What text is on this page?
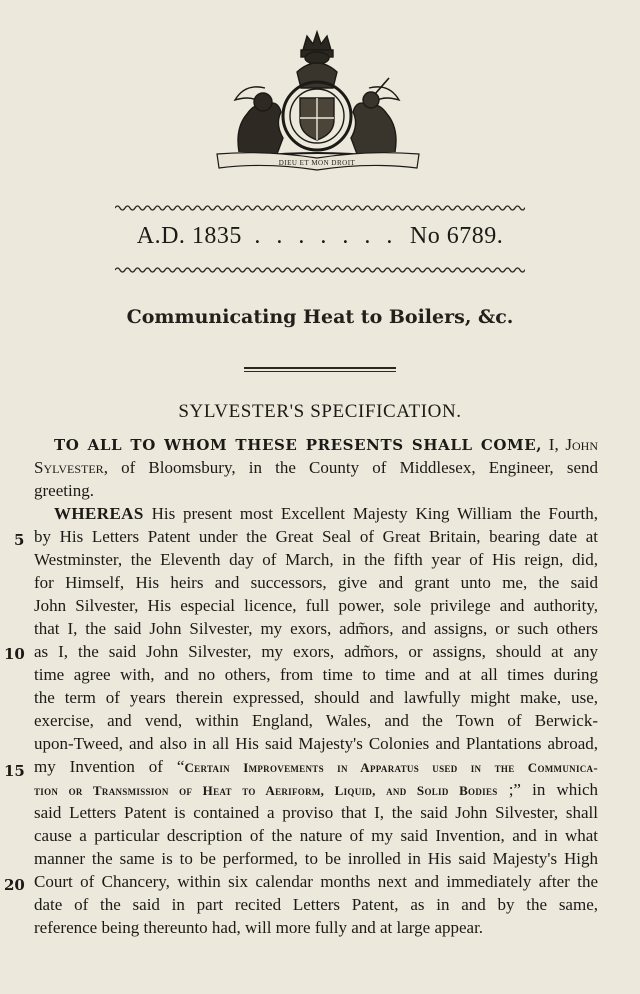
DIEU ET MON DROIT
A.D. 1835 . . . . . . . No 6789.
Communicating Heat to Boilers, &c.
SYLVESTER'S SPECIFICATION.
5
10
15
20
TO ALL TO WHOM THESE PRESENTS SHALL COME, I, John
Sylvester, of Bloomsbury, in the County of Middlesex, Engineer, send
greeting.
WHEREAS His present most Excellent Majesty King William the Fourth,
by His Letters Patent under the Great Seal of Great Britain, bearing date at
Westminster, the Eleventh day of March, in the fifth year of His reign, did,
for Himself, His heirs and successors, give and grant unto me, the said
John Silvester, His especial licence, full power, sole privilege and authority,
that I, the said John Silvester, my exors, adm̃ors, and assigns, or such others
as I, the said John Silvester, my exors, adm̃ors, or assigns, should at any
time agree with, and no others, from time to time and at all times during
the term of years therein expressed, should and lawfully might make, use,
exercise, and vend, within England, Wales, and the Town of Berwick-
upon-Tweed, and also in all His said Majesty's Colonies and Plantations abroad,
my Invention of “Certain Improvements in Apparatus used in the Communica-
tion or Transmission of Heat to Aeriform, Liquid, and Solid Bodies ;” in which
said Letters Patent is contained a proviso that I, the said John Silvester, shall
cause a particular description of the nature of my said Invention, and in what
manner the same is to be performed, to be inrolled in His said Majesty's High
Court of Chancery, within six calendar months next and immediately after the
date of the said in part recited Letters Patent, as in and by the same,
reference being thereunto had, will more fully and at large appear.
